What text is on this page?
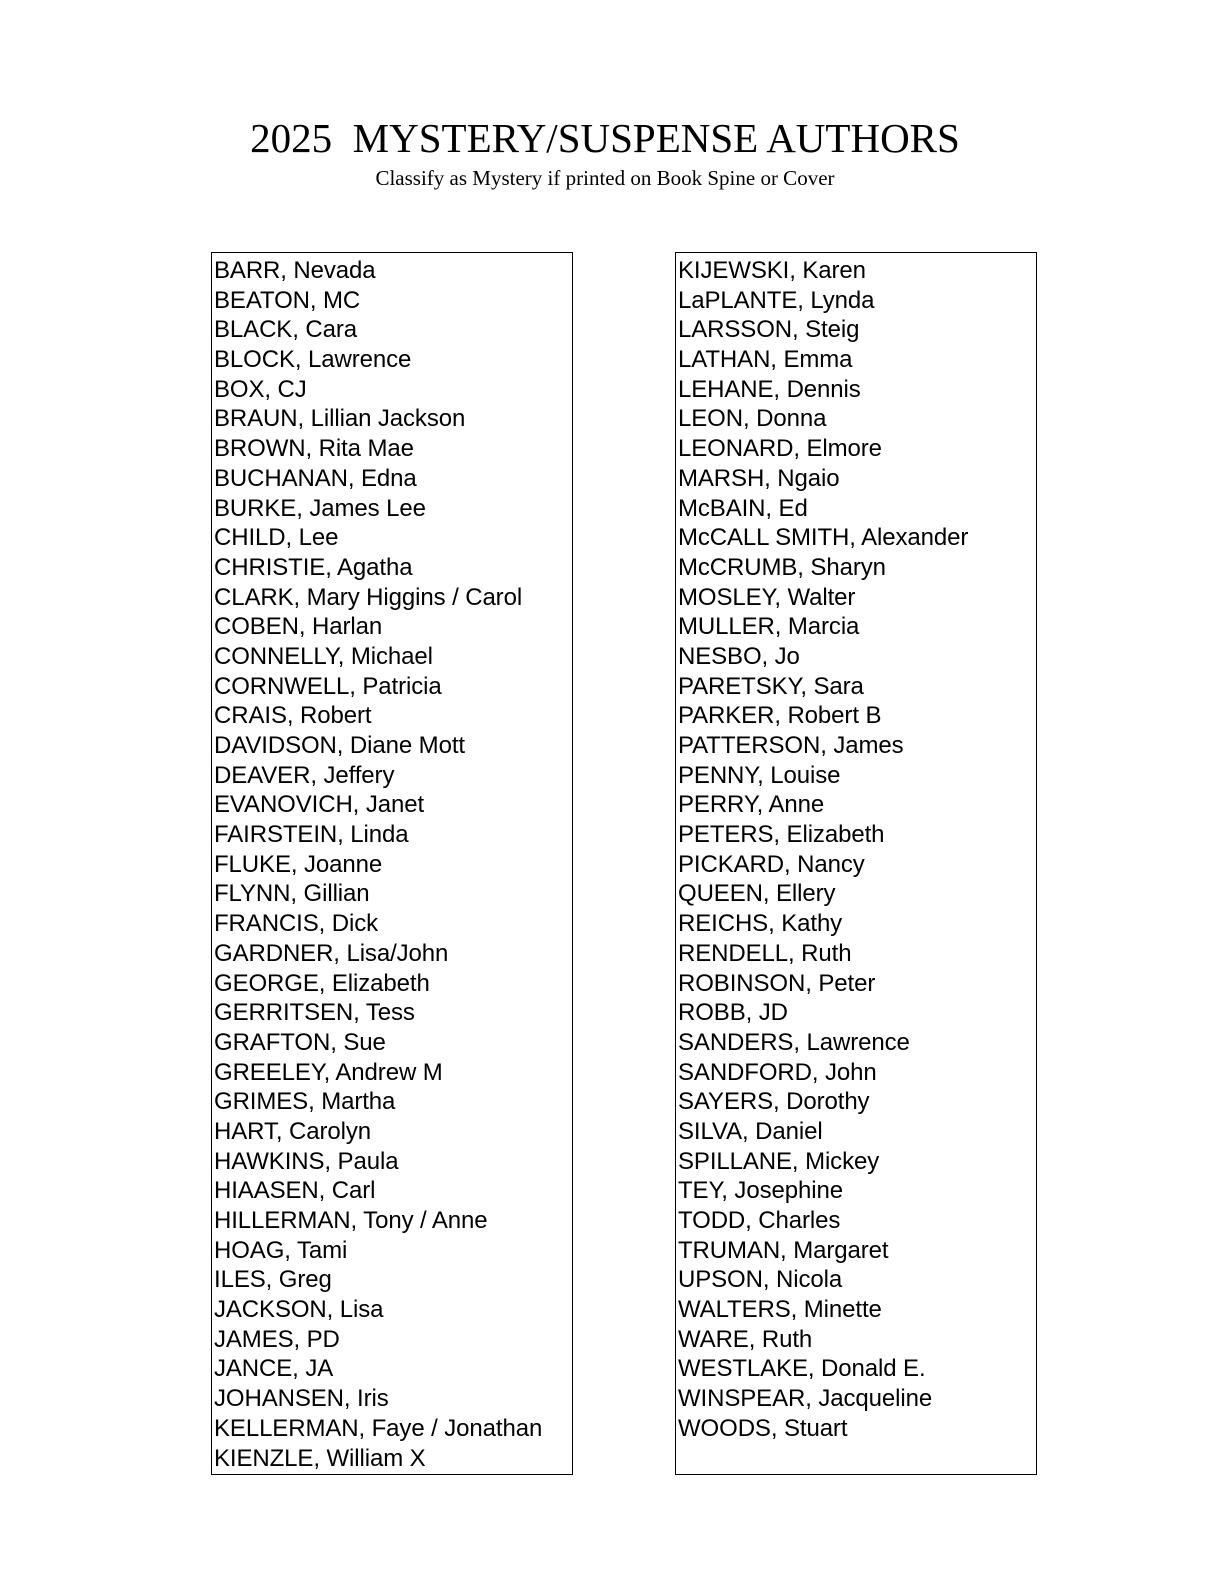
2025  MYSTERY/SUSPENSE AUTHORS

Classify as Mystery if printed on Book Spine or Cover

BARR, Nevada
BEATON, MC
BLACK, Cara
BLOCK, Lawrence
BOX, CJ
BRAUN, Lillian Jackson
BROWN, Rita Mae
BUCHANAN, Edna
BURKE, James Lee
CHILD, Lee
CHRISTIE, Agatha
CLARK, Mary Higgins / Carol
COBEN, Harlan
CONNELLY, Michael
CORNWELL, Patricia
CRAIS, Robert
DAVIDSON, Diane Mott
DEAVER, Jeffery
EVANOVICH, Janet
FAIRSTEIN, Linda
FLUKE, Joanne
FLYNN, Gillian
FRANCIS, Dick
GARDNER, Lisa/John
GEORGE, Elizabeth
GERRITSEN, Tess
GRAFTON, Sue
GREELEY, Andrew M
GRIMES, Martha
HART, Carolyn
HAWKINS, Paula
HIAASEN, Carl
HILLERMAN, Tony / Anne
HOAG, Tami
ILES, Greg
JACKSON, Lisa
JAMES, PD
JANCE, JA
JOHANSEN, Iris
KELLERMAN, Faye / Jonathan
KIENZLE, William X
KIJEWSKI, Karen
LaPLANTE, Lynda
LARSSON, Steig
LATHAN, Emma
LEHANE, Dennis
LEON, Donna
LEONARD, Elmore
MARSH, Ngaio
McBAIN, Ed
McCALL SMITH, Alexander
McCRUMB, Sharyn
MOSLEY, Walter
MULLER, Marcia
NESBO, Jo
PARETSKY, Sara
PARKER, Robert B
PATTERSON, James
PENNY, Louise
PERRY, Anne
PETERS, Elizabeth
PICKARD, Nancy
QUEEN, Ellery
REICHS, Kathy
RENDELL, Ruth
ROBINSON, Peter
ROBB, JD
SANDERS, Lawrence
SANDFORD, John
SAYERS, Dorothy
SILVA, Daniel
SPILLANE, Mickey
TEY, Josephine
TODD, Charles
TRUMAN, Margaret
UPSON, Nicola
WALTERS, Minette
WARE, Ruth
WESTLAKE, Donald E.
WINSPEAR, Jacqueline
WOODS, Stuart
